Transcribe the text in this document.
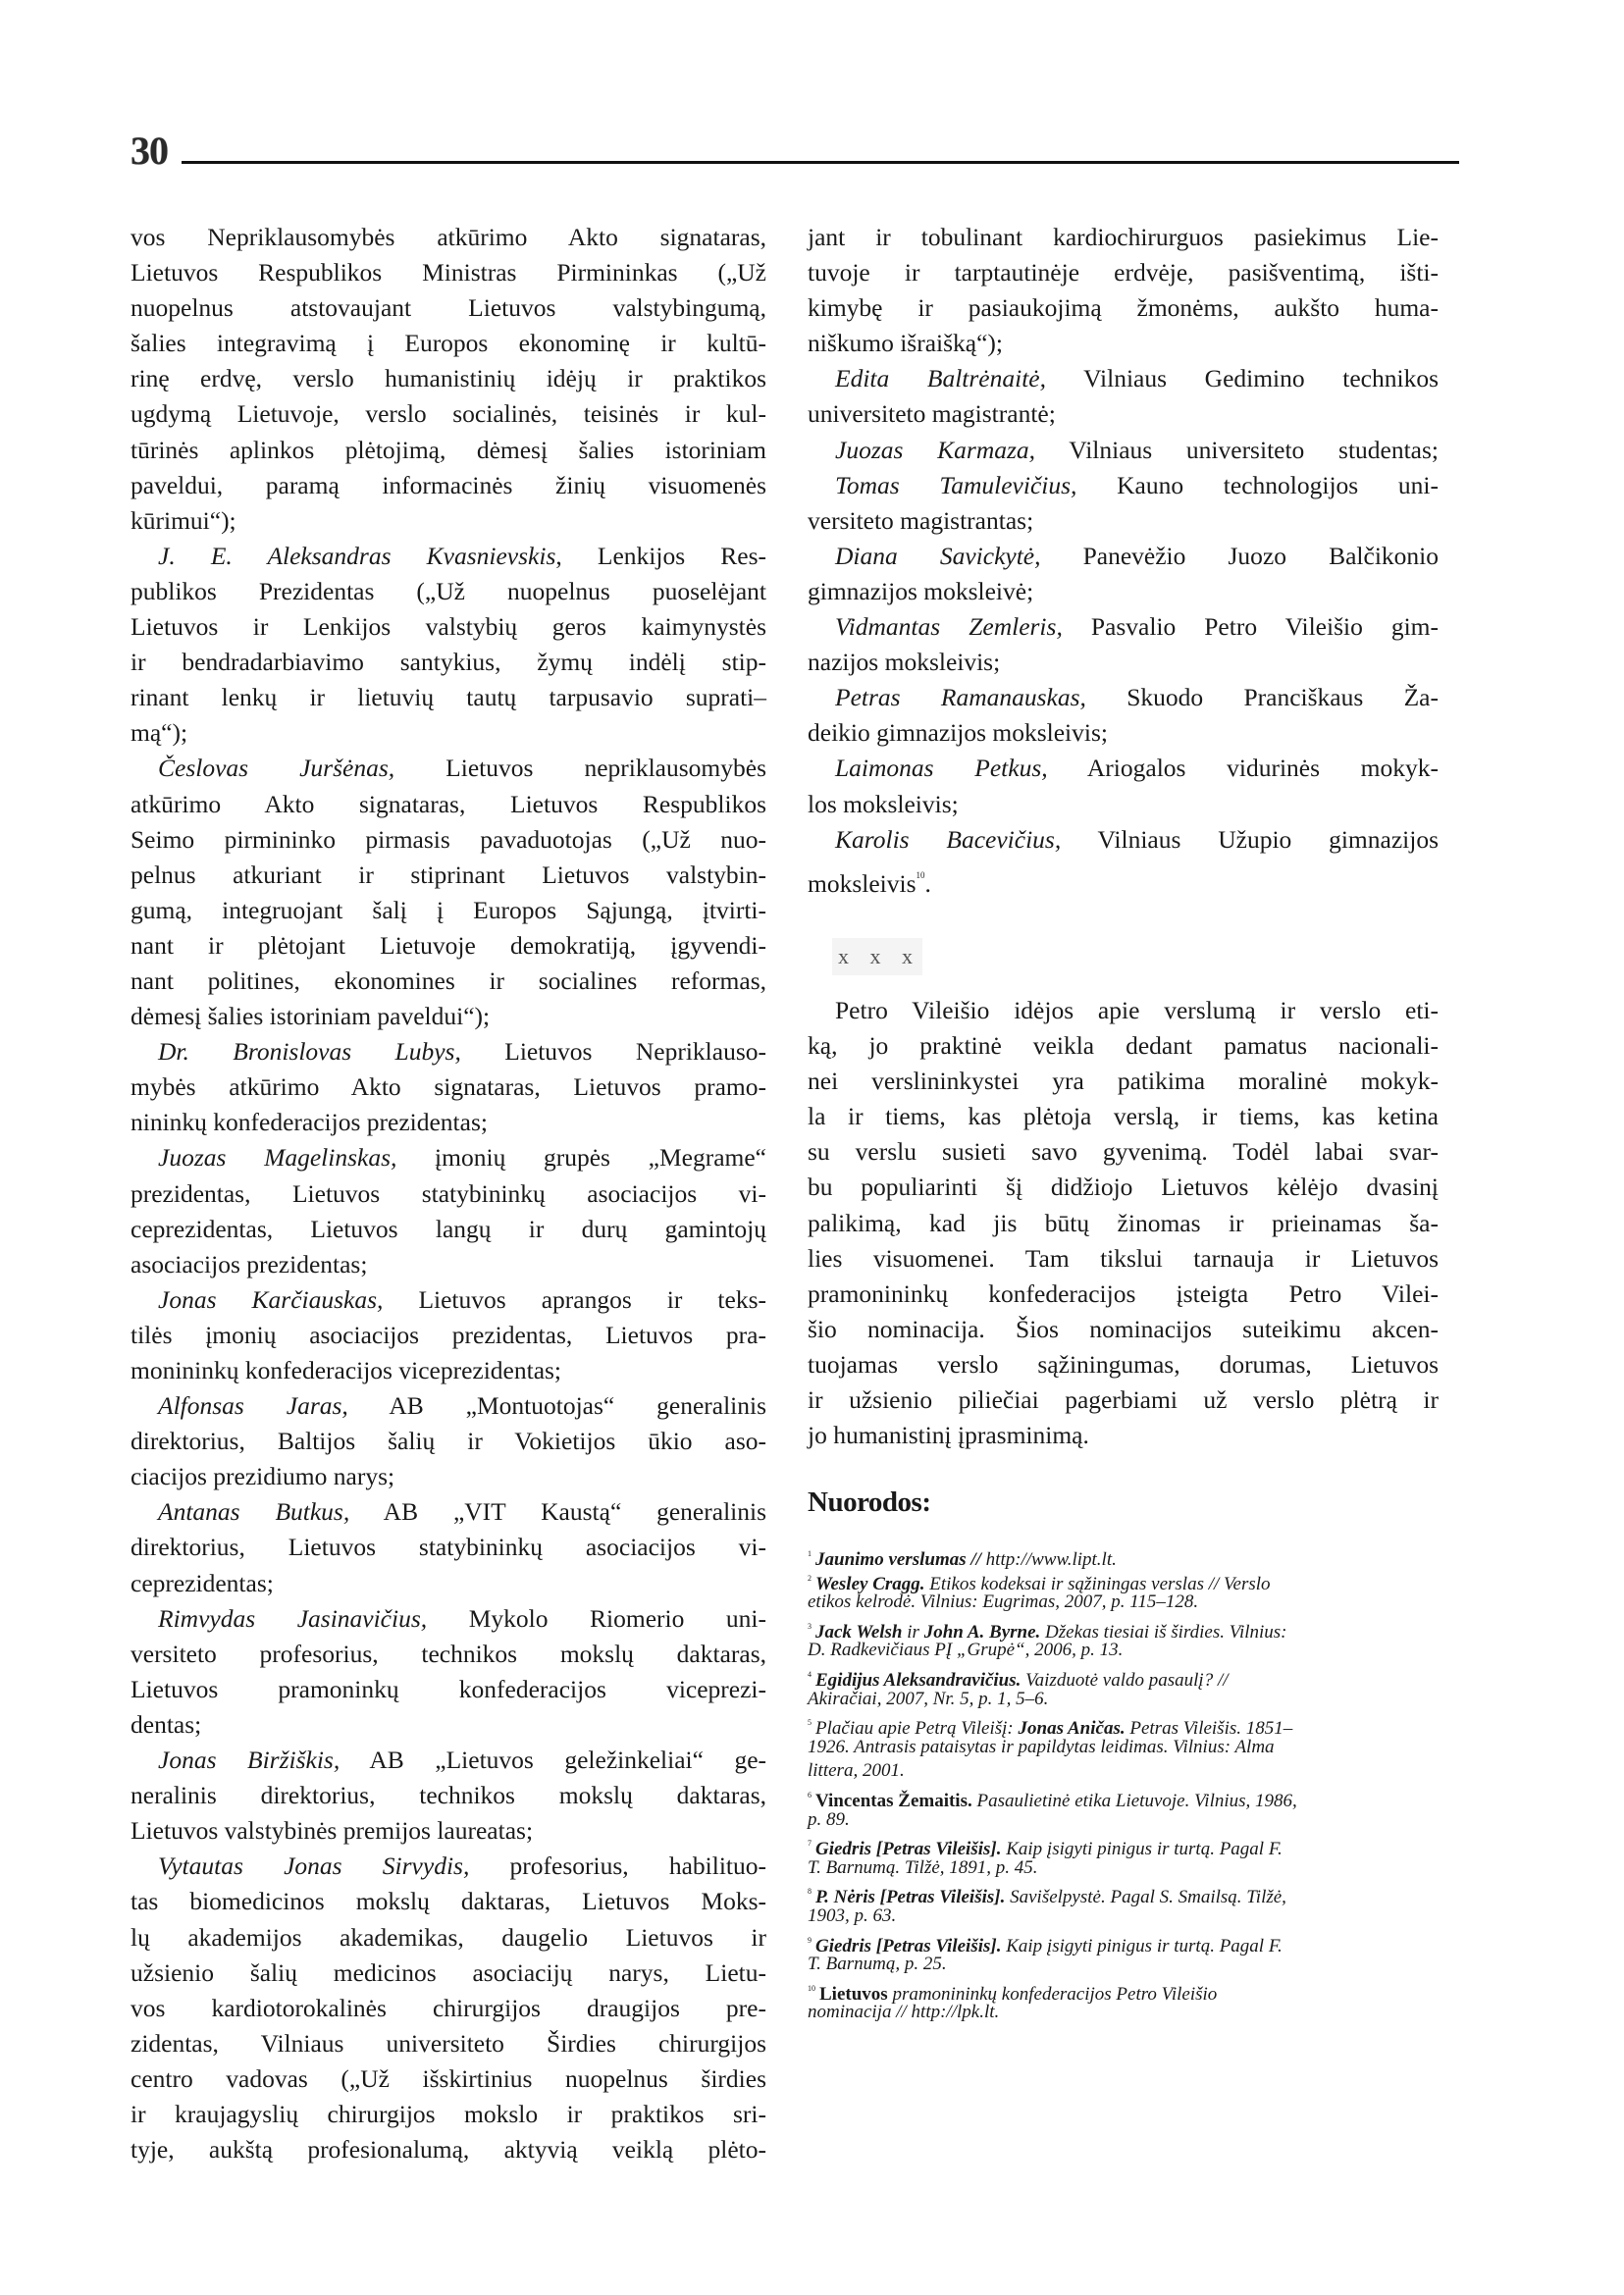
30
vos Nepriklausomybės atkūrimo Akto signataras,
Lietuvos Respublikos Ministras Pirmininkas („Už
nuopelnus atstovaujant Lietuvos valstybingumą,
šalies integravimą į Europos ekonominę ir kultū-
rinę erdvę, verslo humanistinių idėjų ir praktikos
ugdymą Lietuvoje, verslo socialinės, teisinės ir kul-
tūrinės aplinkos plėtojimą, dėmesį šalies istoriniam
paveldui, paramą informacinės žinių visuomenės
kūrimui“);
J. E. Aleksandras Kvasnievskis, Lenkijos Res-
publikos Prezidentas („Už nuopelnus puoselėjant
Lietuvos ir Lenkijos valstybių geros kaimynystės
ir bendradarbiavimo santykius, žymų indėlį stip-
rinant lenkų ir lietuvių tautų tarpusavio suprati–
mą“);
Česlovas Juršėnas, Lietuvos nepriklausomybės
atkūrimo Akto signataras, Lietuvos Respublikos
Seimo pirmininko pirmasis pavaduotojas („Už nuo-
pelnus atkuriant ir stiprinant Lietuvos valstybin-
gumą, integruojant šalį į Europos Sąjungą, įtvirti-
nant ir plėtojant Lietuvoje demokratiją, įgyvendi-
nant politines, ekonomines ir socialines reformas,
dėmesį šalies istoriniam paveldui“);
Dr. Bronislovas Lubys, Lietuvos Nepriklauso-
mybės atkūrimo Akto signataras, Lietuvos pramo-
nininkų konfederacijos prezidentas;
Juozas Magelinskas, įmonių grupės „Megrame“
prezidentas, Lietuvos statybininkų asociacijos vi-
ceprezidentas, Lietuvos langų ir durų gamintojų
asociacijos prezidentas;
Jonas Karčiauskas, Lietuvos aprangos ir teks-
tilės įmonių asociacijos prezidentas, Lietuvos pra-
monininkų konfederacijos viceprezidentas;
Alfonsas Jaras, AB „Montuotojas“ generalinis
direktorius, Baltijos šalių ir Vokietijos ūkio aso-
ciacijos prezidiumo narys;
Antanas Butkus, AB „VIT Kaustą“ generalinis
direktorius, Lietuvos statybininkų asociacijos vi-
ceprezidentas;
Rimvydas Jasinavičius, Mykolo Riomerio uni-
versiteto profesorius, technikos mokslų daktaras,
Lietuvos pramoninkų konfederacijos viceprezi-
dentas;
Jonas Biržiškis, AB „Lietuvos geležinkeliai“ ge-
neralinis direktorius, technikos mokslų daktaras,
Lietuvos valstybinės premijos laureatas;
Vytautas Jonas Sirvydis, profesorius, habilituo-
tas biomedicinos mokslų daktaras, Lietuvos Moks-
lų akademijos akademikas, daugelio Lietuvos ir
užsienio šalių medicinos asociacijų narys, Lietu-
vos kardiotorokalinės chirurgijos draugijos pre-
zidentas, Vilniaus universiteto Širdies chirurgijos
centro vadovas („Už išskirtinius nuopelnus širdies
ir kraujagyslių chirurgijos mokslo ir praktikos sri-
tyje, aukštą profesionalumą, aktyvią veiklą plėto-
jant ir tobulinant kardiochirurguos pasiekimus Lie-
tuvoje ir tarptautinėje erdvėje, pasišventimą, išti-
kimybę ir pasiaukojimą žmonėms, aukšto huma-
niškumo išraišką“);
Edita Baltrėnaitė, Vilniaus Gedimino technikos
universiteto magistrantė;
Juozas Karmaza, Vilniaus universiteto studentas;
Tomas Tamulevičius, Kauno technologijos uni-
versiteto magistrantas;
Diana Savickytė, Panevėžio Juozo Balčikonio
gimnazijos moksleivė;
Vidmantas Zemleris, Pasvalio Petro Vileišio gim-
nazijos moksleivis;
Petras Ramanauskas, Skuodo Pranciškaus Ža-
deikio gimnazijos moksleivis;
Laimonas Petkus, Ariogalos vidurinės mokyk-
los moksleivis;
Karolis Bacevičius, Vilniaus Užupio gimnazijos
moksleivis$^{10}$.
x x x
Petro Vileišio idėjos apie verslumą ir verslo eti-
ką, jo praktinė veikla dedant pamatus nacionali-
nei verslininkystei yra patikima moralinė mokyk-
la ir tiems, kas plėtoja verslą, ir tiems, kas ketina
su verslu susieti savo gyvenimą. Todėl labai svar-
bu populiarinti šį didžiojo Lietuvos kėlėjo dvasinį
palikimą, kad jis būtų žinomas ir prieinamas ša-
lies visuomenei. Tam tikslui tarnauja ir Lietuvos
pramonininkų konfederacijos įsteigta Petro Vilei-
šio nominacija. Šios nominacijos suteikimu akcen-
tuojamas verslo sąžiningumas, dorumas, Lietuvos
ir užsienio piliečiai pagerbiami už verslo plėtrą ir
jo humanistinį įprasminimą.
Nuorodos:
$^1$ Jaunimo verslumas // http://www.lipt.lt.
$^2$ Wesley Cragg. Etikos kodeksai ir sąžiningas verslas // Verslo
etikos kelrodė. Vilnius: Eugrimas, 2007, p. 115–128.
$^3$ Jack Welsh ir John A. Byrne. Džekas tiesiai iš širdies. Vilnius:
D. Radkevičiaus PĮ „Grupė“, 2006, p. 13.
$^4$ Egidijus Aleksandravičius. Vaizduotė valdo pasaulį? //
Akiračiai, 2007, Nr. 5, p. 1, 5–6.
$^5$ Plačiau apie Petrą Vileišį: Jonas Aničas. Petras Vileišis. 1851–
1926. Antrasis pataisytas ir papildytas leidimas. Vilnius: Alma
littera, 2001.
$^6$ Vincentas Žemaitis. Pasaulietinė etika Lietuvoje. Vilnius, 1986,
p. 89.
$^7$ Giedris [Petras Vileišis]. Kaip įsigyti pinigus ir turtą. Pagal F.
T. Barnumą. Tilžė, 1891, p. 45.
$^8$ P. Nėris [Petras Vileišis]. Savišelpystė. Pagal S. Smailsą. Tilžė,
1903, p. 63.
$^9$ Giedris [Petras Vileišis]. Kaip įsigyti pinigus ir turtą. Pagal F.
T. Barnumą, p. 25.
$^{10}$ Lietuvos pramonininkų konfederacijos Petro Vileišio
nominacija // http://lpk.lt.
